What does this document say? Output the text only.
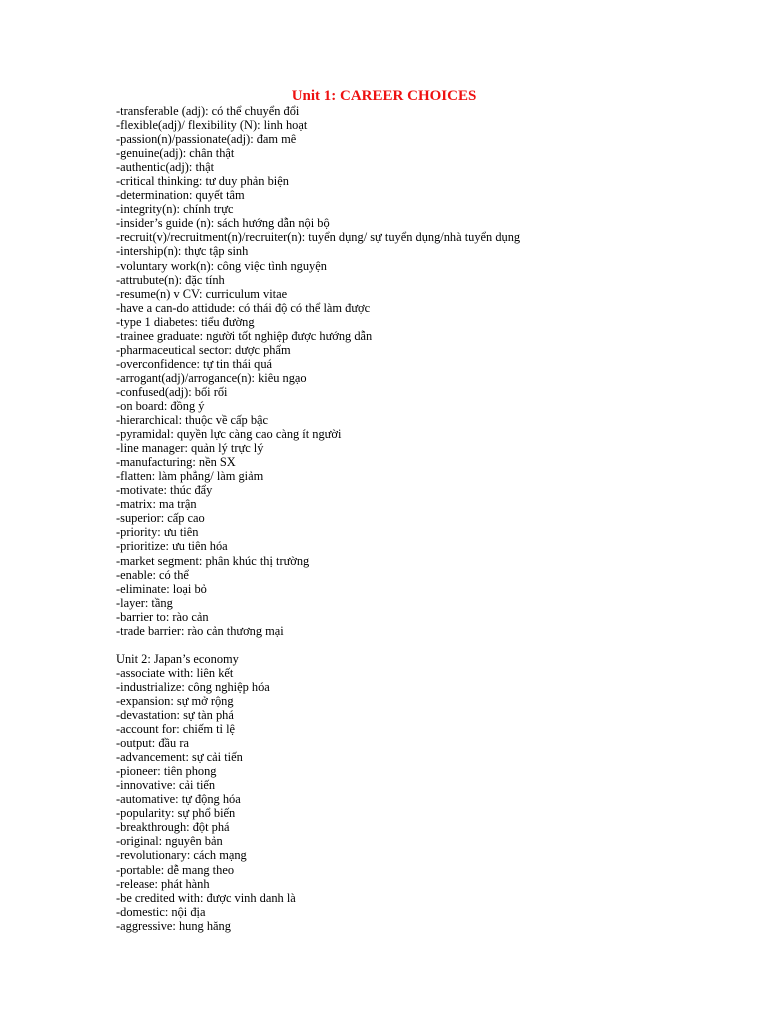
Unit 1: CAREER CHOICES
-transferable (adj): có thể chuyển đổi
-flexible(adj)/ flexibility (N): linh hoạt
-passion(n)/passionate(adj): đam mê
-genuine(adj): chân thật
-authentic(adj): thật
-critical thinking: tư duy phản biện
-determination: quyết tâm
-integrity(n): chính trực
-insider’s guide (n): sách hướng dẫn nội bộ
-recruit(v)/recruitment(n)/recruiter(n): tuyển dụng/ sự tuyển dụng/nhà tuyển dụng
-intership(n): thực tập sinh
-voluntary work(n): công việc tình nguyện
-attrubute(n): đặc tính
-resume(n) v CV: curriculum vitae
-have a can-do attidude: có thái độ có thể làm được
-type 1 diabetes: tiểu đường
-trainee graduate: người tốt nghiệp được hướng dẫn
-pharmaceutical sector: dược phẩm
-overconfidence: tự tin thái quá
-arrogant(adj)/arrogance(n): kiêu ngạo
-confused(adj): bối rối
-on board: đồng ý
-hierarchical: thuộc về cấp bậc
-pyramidal: quyền lực càng cao càng ít người
-line manager: quản lý trực lý
-manufacturing: nền SX
-flatten: làm phẳng/ làm giảm
-motivate: thúc đẩy
-matrix: ma trận
-superior: cấp cao
-priority: ưu tiên
-prioritize: ưu tiên hóa
-market segment: phân khúc thị trường
-enable: có thể
-eliminate: loại bỏ
-layer: tầng
-barrier to: rào cản
-trade barrier: rào cản thương mại
Unit 2: Japan’s economy
-associate with: liên kết
-industrialize: công nghiệp hóa
-expansion: sự mở rộng
-devastation: sự tàn phá
-account for: chiếm tỉ lệ
-output: đầu ra
-advancement: sự cải tiến
-pioneer: tiên phong
-innovative: cải tiến
-automative: tự động hóa
-popularity: sự phổ biến
-breakthrough: đột phá
-original: nguyên bản
-revolutionary: cách mạng
-portable: dễ mang theo
-release: phát hành
-be credited with: được vinh danh là
-domestic: nội địa
-aggressive: hung hăng
